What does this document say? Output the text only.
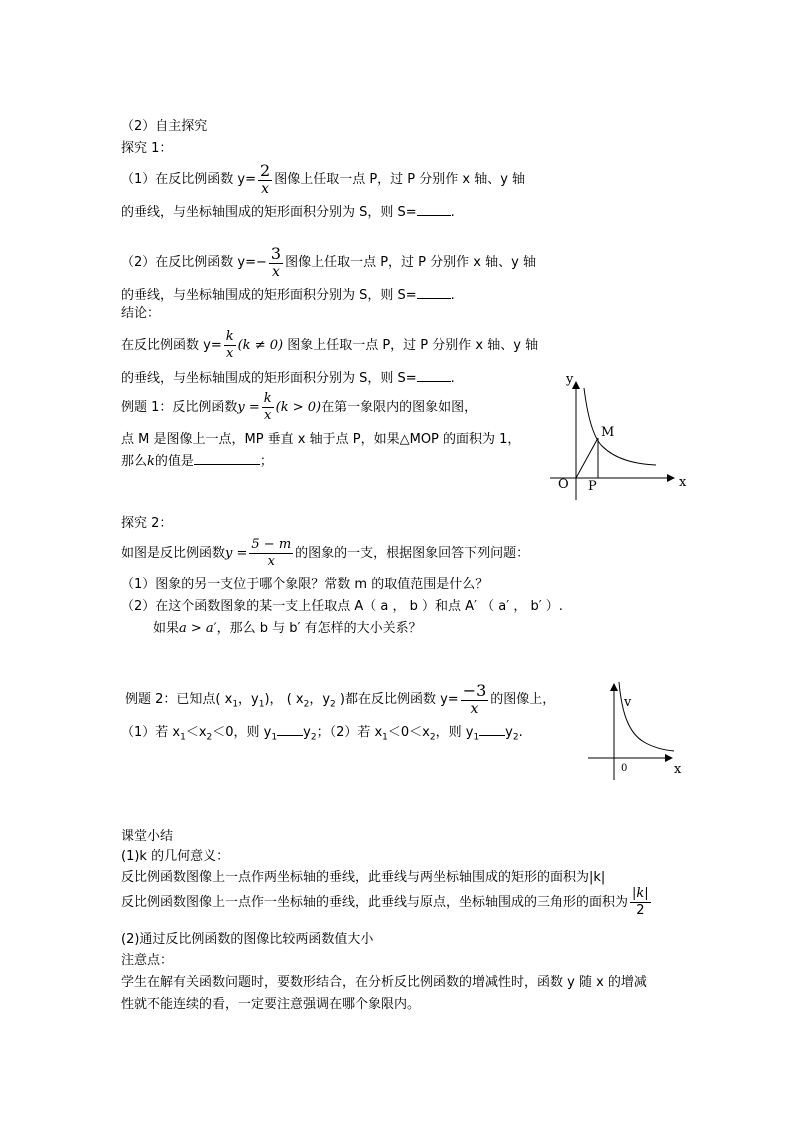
（2）自主探究
探究 1：
（1）在反比例函数 $y= \frac{2}{x}$ 图像上任取一点 P，过 P 分别作 x 轴、y 轴
的垂线，与坐标轴围成的矩形面积分别为 S，则 S=	.
（2）在反比例函数 $y=- \frac{3}{x}$ 图像上任取一点 P，过 P 分别作 x 轴、y 轴
的垂线，与坐标轴围成的矩形面积分别为 S，则 S=	.
结论：
在反比例函数 $y= \frac{k}{x} (k \ne 0)$ 图象上任取一点 P，过 P 分别作 x 轴、y 轴
的垂线，与坐标轴围成的矩形面积分别为 S，则 S=	.
例题 1：反比例函数$y = \frac{k}{x} (k > 0)$在第一象限内的图象如图，
点 M 是图像上一点，MP 垂直 x 轴于点 P，如果△MOP 的面积为 1，
那么k的值是	；
y
x
O P
M
探究 2：
如图是反比例函数$y = \frac{5 - m}{x}$ 的图象的一支，根据图象回答下列问题：
（1）图象的另一支位于哪个象限？常数 m 的取值范围是什么？
（2）在这个函数图象的某一支上任取点 A（ a ， b ）和点 A′ （ a′ ， b′ ）.
如果a > a′，那么 b 与 b′ 有怎样的大小关系？
例题 2：已知点( $x_1$，$y_1$)， ( $x_2$，$y_2$ )都在反比例函数 $y= \frac{-3}{x}$ 的图像上，
（1）若 $x_1<x_2<0$，则 $y_1$ $y_2$；（2）若 $x_1<0<x_2$，则 $y_1$ $y_2$.
v
x
0
课堂小结
(1)k 的几何意义：
反比例函数图像上一点作两坐标轴的垂线，此垂线与两坐标轴围成的矩形的面积为|k|
反比例函数图像上一点作一坐标轴的垂线，此垂线与原点，坐标轴围成的三角形的面积为 $\frac{|k|}{2}$
(2)通过反比例函数的图像比较两函数值大小
注意点：
学生在解有关函数问题时，要数形结合，在分析反比例函数的增减性时，函数 y 随 x 的增减
性就不能连续的看，一定要注意强调在哪个象限内。
